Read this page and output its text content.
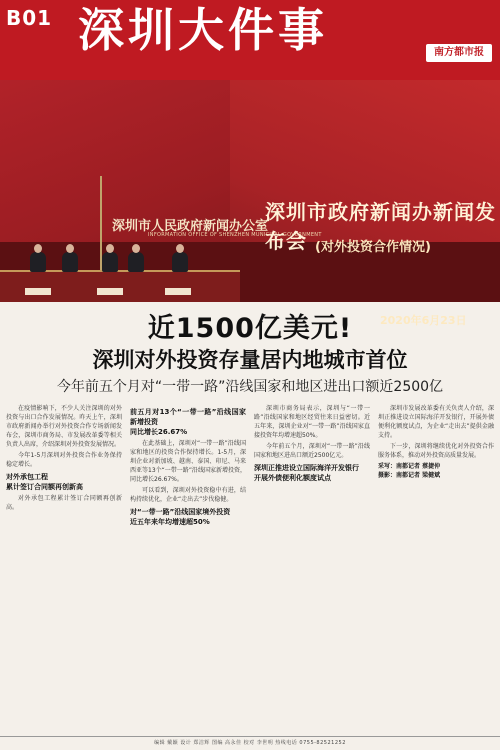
B01 深圳大件事	南方都市报
深圳市人民政府新闻办公室
INFORMATION OFFICE OF SHENZHEN MUNICIPAL GOVERNMENT
深圳市政府新闻办新闻发布会 (对外投资合作情况)
2020年6月23日
近1500亿美元!
深圳对外投资存量居内地城市首位
今年前五个月对“一带一路”沿线国家和地区进出口额近2500亿

在疫情影响下，不少人关注深圳的对外投资与出口合作发展情况。昨天上午，深圳市政府新闻办举行对外投资合作专场新闻发布会，深圳市商务局、市发展改革委等相关负责人出席，介绍深圳对外投资发展情况。

今年1-5月深圳对外投资合作业务保持稳定增长。

对外承包工程
累计签订合同额再创新高

对外承包工程累计签订合同额再创新高。

前五月对13个“一带一路”沿线国家新增投资
同比增长26.67%

在此基础上，深圳对“一带一路”沿线国家和地区的投资合作保持增长。1-5月，深圳企业对新加坡、越南、泰国、印尼、马来西亚等13个“一带一路”沿线国家新增投资，同比增长26.67%。

可以看到，深圳对外投资稳中有进，结构持续优化，企业“走出去”步伐稳健。

对“一带一路”沿线国家境外投资
近五年来年均增速超50%

深圳市商务局表示，深圳与“一带一路”沿线国家和地区经贸往来日益密切。近五年来，深圳企业对“一带一路”沿线国家直接投资年均增速超50%。

今年前五个月，深圳对“一带一路”沿线国家和地区进出口额近2500亿元。

深圳正推进设立国际海洋开发银行
开展外债便利化额度试点

深圳市发展改革委有关负责人介绍，深圳正推进设立国际海洋开发银行，开展外债便利化额度试点，为企业“走出去”提供金融支持。

下一步，深圳将继续优化对外投资合作服务体系，推动对外投资高质量发展。

采写：南都记者 蔡捷仲
摄影：南都记者 梁健斌

编辑 戴颖 设计 郑洁辉 图编 高永佳 校对 李世明 热线电话 0755-82521252
